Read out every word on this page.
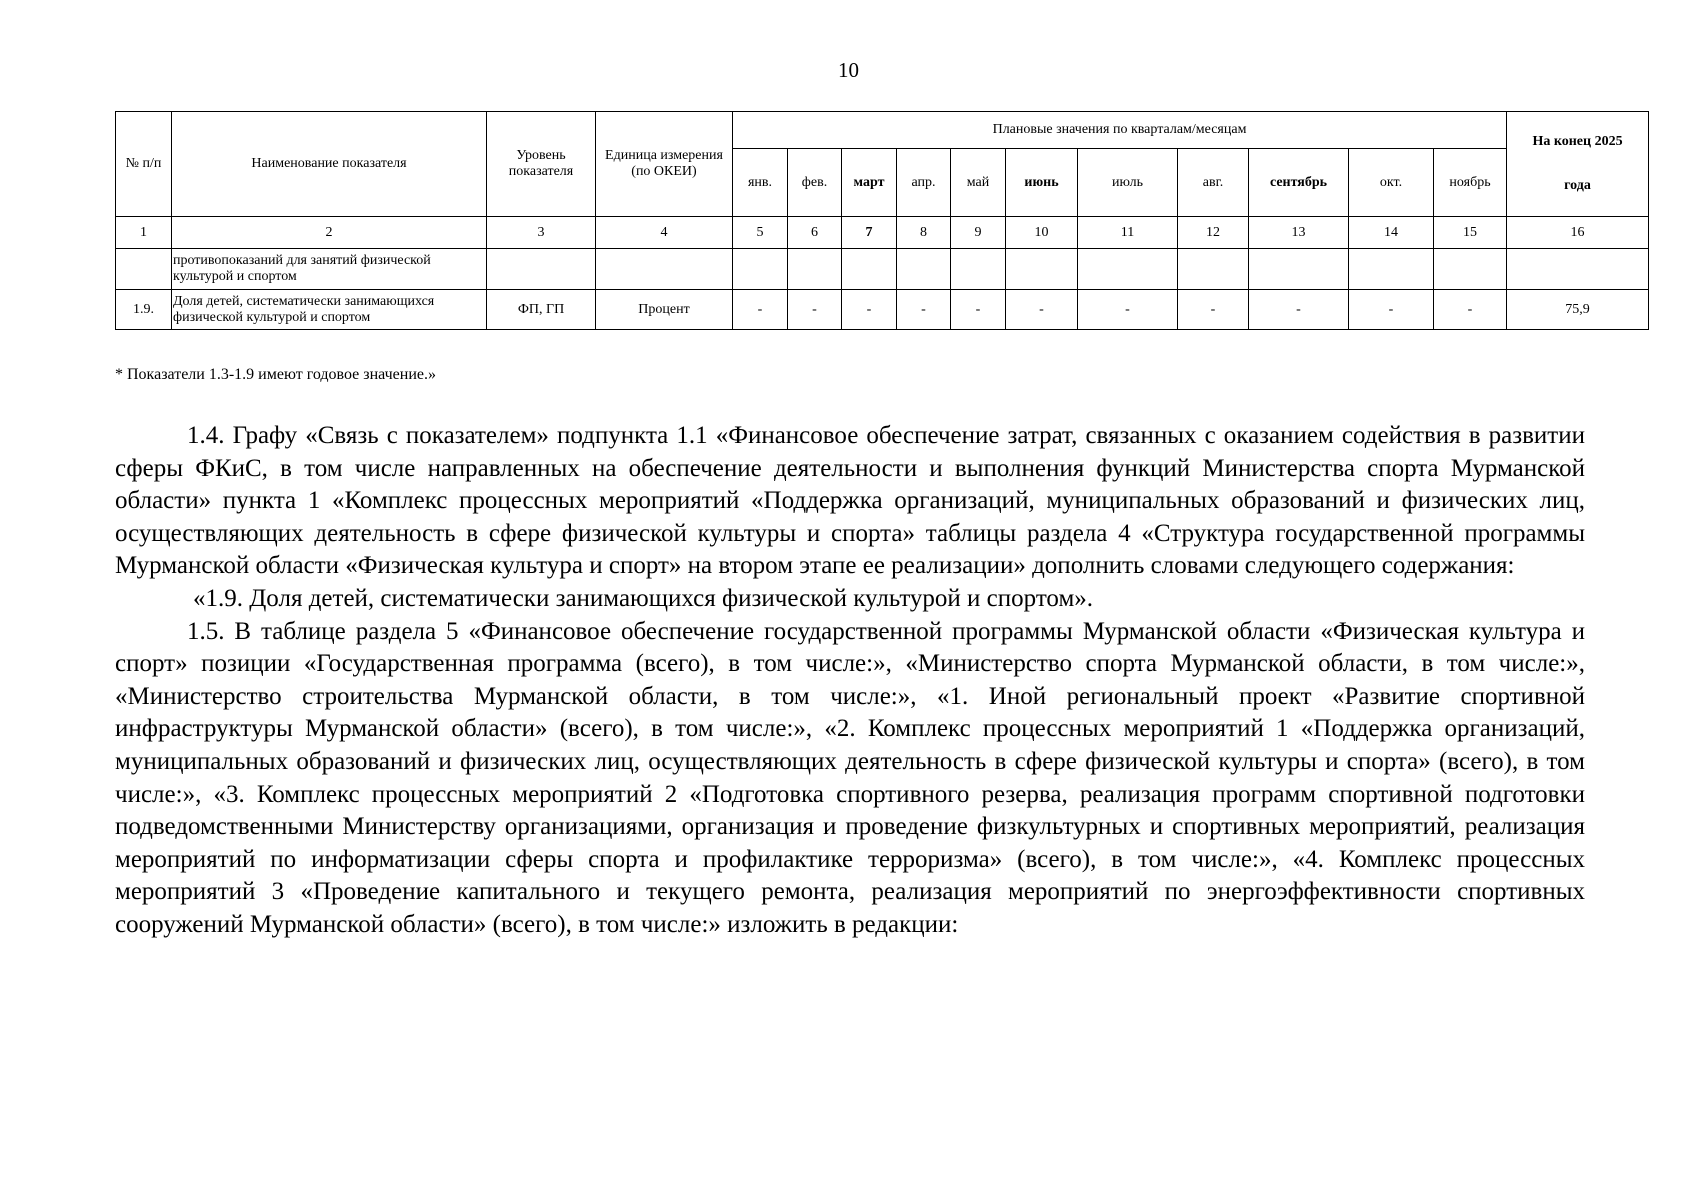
10
№ п/п	Наименование показателя	Уровень показателя	Единица измерения (по ОКЕИ)	Плановые значения по кварталам/месяцам											На конец 2025
года

				янв.	фев.	март	апр.	май	июнь	июль	авг.	сентябрь	окт.	ноябрь	
1	2	3	4	5	6	7	8	9	10	11	12	13	14	15	16

	противопоказаний для занятий физической
культурой и спортом														

1.9.	Доля детей, систематически занимающихся
физической культурой и спортом	ФП, ГП	Процент	-	-	-	-	-	-	-	-	-	-	-	75,9
* Показатели 1.3-1.9 имеют годовое значение.»

1.4. Графу «Связь с показателем» подпункта 1.1 «Финансовое обеспечение затрат, связанных с оказанием содействия в развитии сферы ФКиС, в том числе направленных на обеспечение деятельности и выполнения функций Министерства спорта Мурманской области» пункта 1 «Комплекс процессных мероприятий «Поддержка организаций, муниципальных образований и физических лиц, осуществляющих деятельность в сфере физической культуры и спорта» таблицы раздела 4 «Структура государственной программы Мурманской области «Физическая культура и спорт» на втором этапе ее реализации» дополнить словами следующего содержания:

«1.9. Доля детей, систематически занимающихся физической культурой и спортом».

1.5. В таблице раздела 5 «Финансовое обеспечение государственной программы Мурманской области «Физическая культура и спорт» позиции «Государственная программа (всего), в том числе:», «Министерство спорта Мурманской области, в том числе:», «Министерство строительства Мурманской области, в том числе:», «1. Иной региональный проект «Развитие спортивной инфраструктуры Мурманской области» (всего), в том числе:», «2. Комплекс процессных мероприятий 1 «Поддержка организаций, муниципальных образований и физических лиц, осуществляющих деятельность в сфере физической культуры и спорта» (всего), в том числе:», «3. Комплекс процессных мероприятий 2 «Подготовка спортивного резерва, реализация программ спортивной подготовки подведомственными Министерству организациями, организация и проведение физкультурных и спортивных мероприятий, реализация мероприятий по информатизации сферы спорта и профилактике терроризма» (всего), в том числе:», «4. Комплекс процессных мероприятий 3 «Проведение капитального и текущего ремонта, реализация мероприятий по энергоэффективности спортивных сооружений Мурманской области» (всего), в том числе:» изложить в редакции:
